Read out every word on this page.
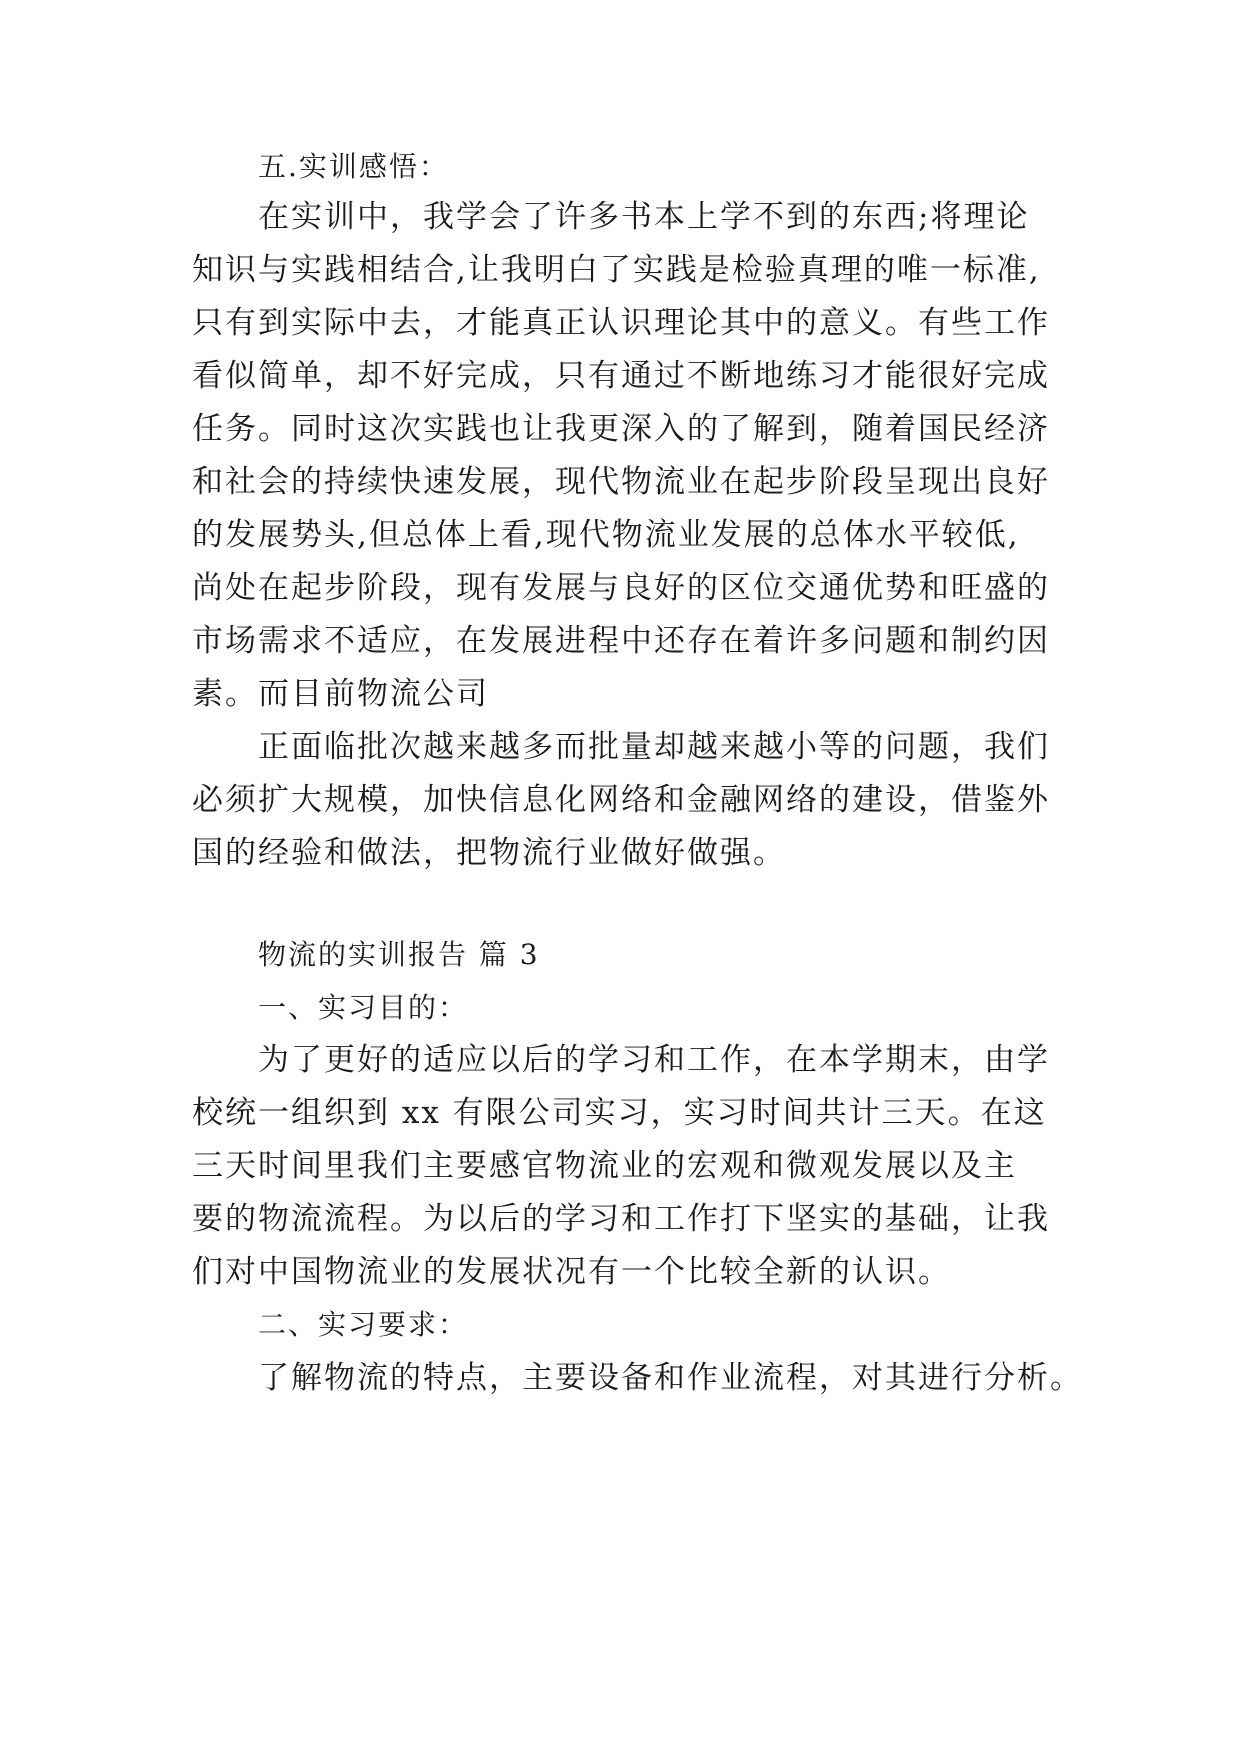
五.实训感悟：
在实训中，我学会了许多书本上学不到的东西;将理论
知识与实践相结合,让我明白了实践是检验真理的唯一标准,
只有到实际中去，才能真正认识理论其中的意义。有些工作
看似简单，却不好完成，只有通过不断地练习才能很好完成
任务。同时这次实践也让我更深入的了解到，随着国民经济
和社会的持续快速发展，现代物流业在起步阶段呈现出良好
的发展势头,但总体上看,现代物流业发展的总体水平较低,
尚处在起步阶段，现有发展与良好的区位交通优势和旺盛的
市场需求不适应，在发展进程中还存在着许多问题和制约因
素。而目前物流公司
正面临批次越来越多而批量却越来越小等的问题，我们
必须扩大规模，加快信息化网络和金融网络的建设，借鉴外
国的经验和做法，把物流行业做好做强。
物流的实训报告 篇 3
一、实习目的：
为了更好的适应以后的学习和工作，在本学期末，由学
校统一组织到 xx 有限公司实习，实习时间共计三天。在这
三天时间里我们主要感官物流业的宏观和微观发展以及主
要的物流流程。为以后的学习和工作打下坚实的基础，让我
们对中国物流业的发展状况有一个比较全新的认识。
二、实习要求：
了解物流的特点，主要设备和作业流程，对其进行分析。
